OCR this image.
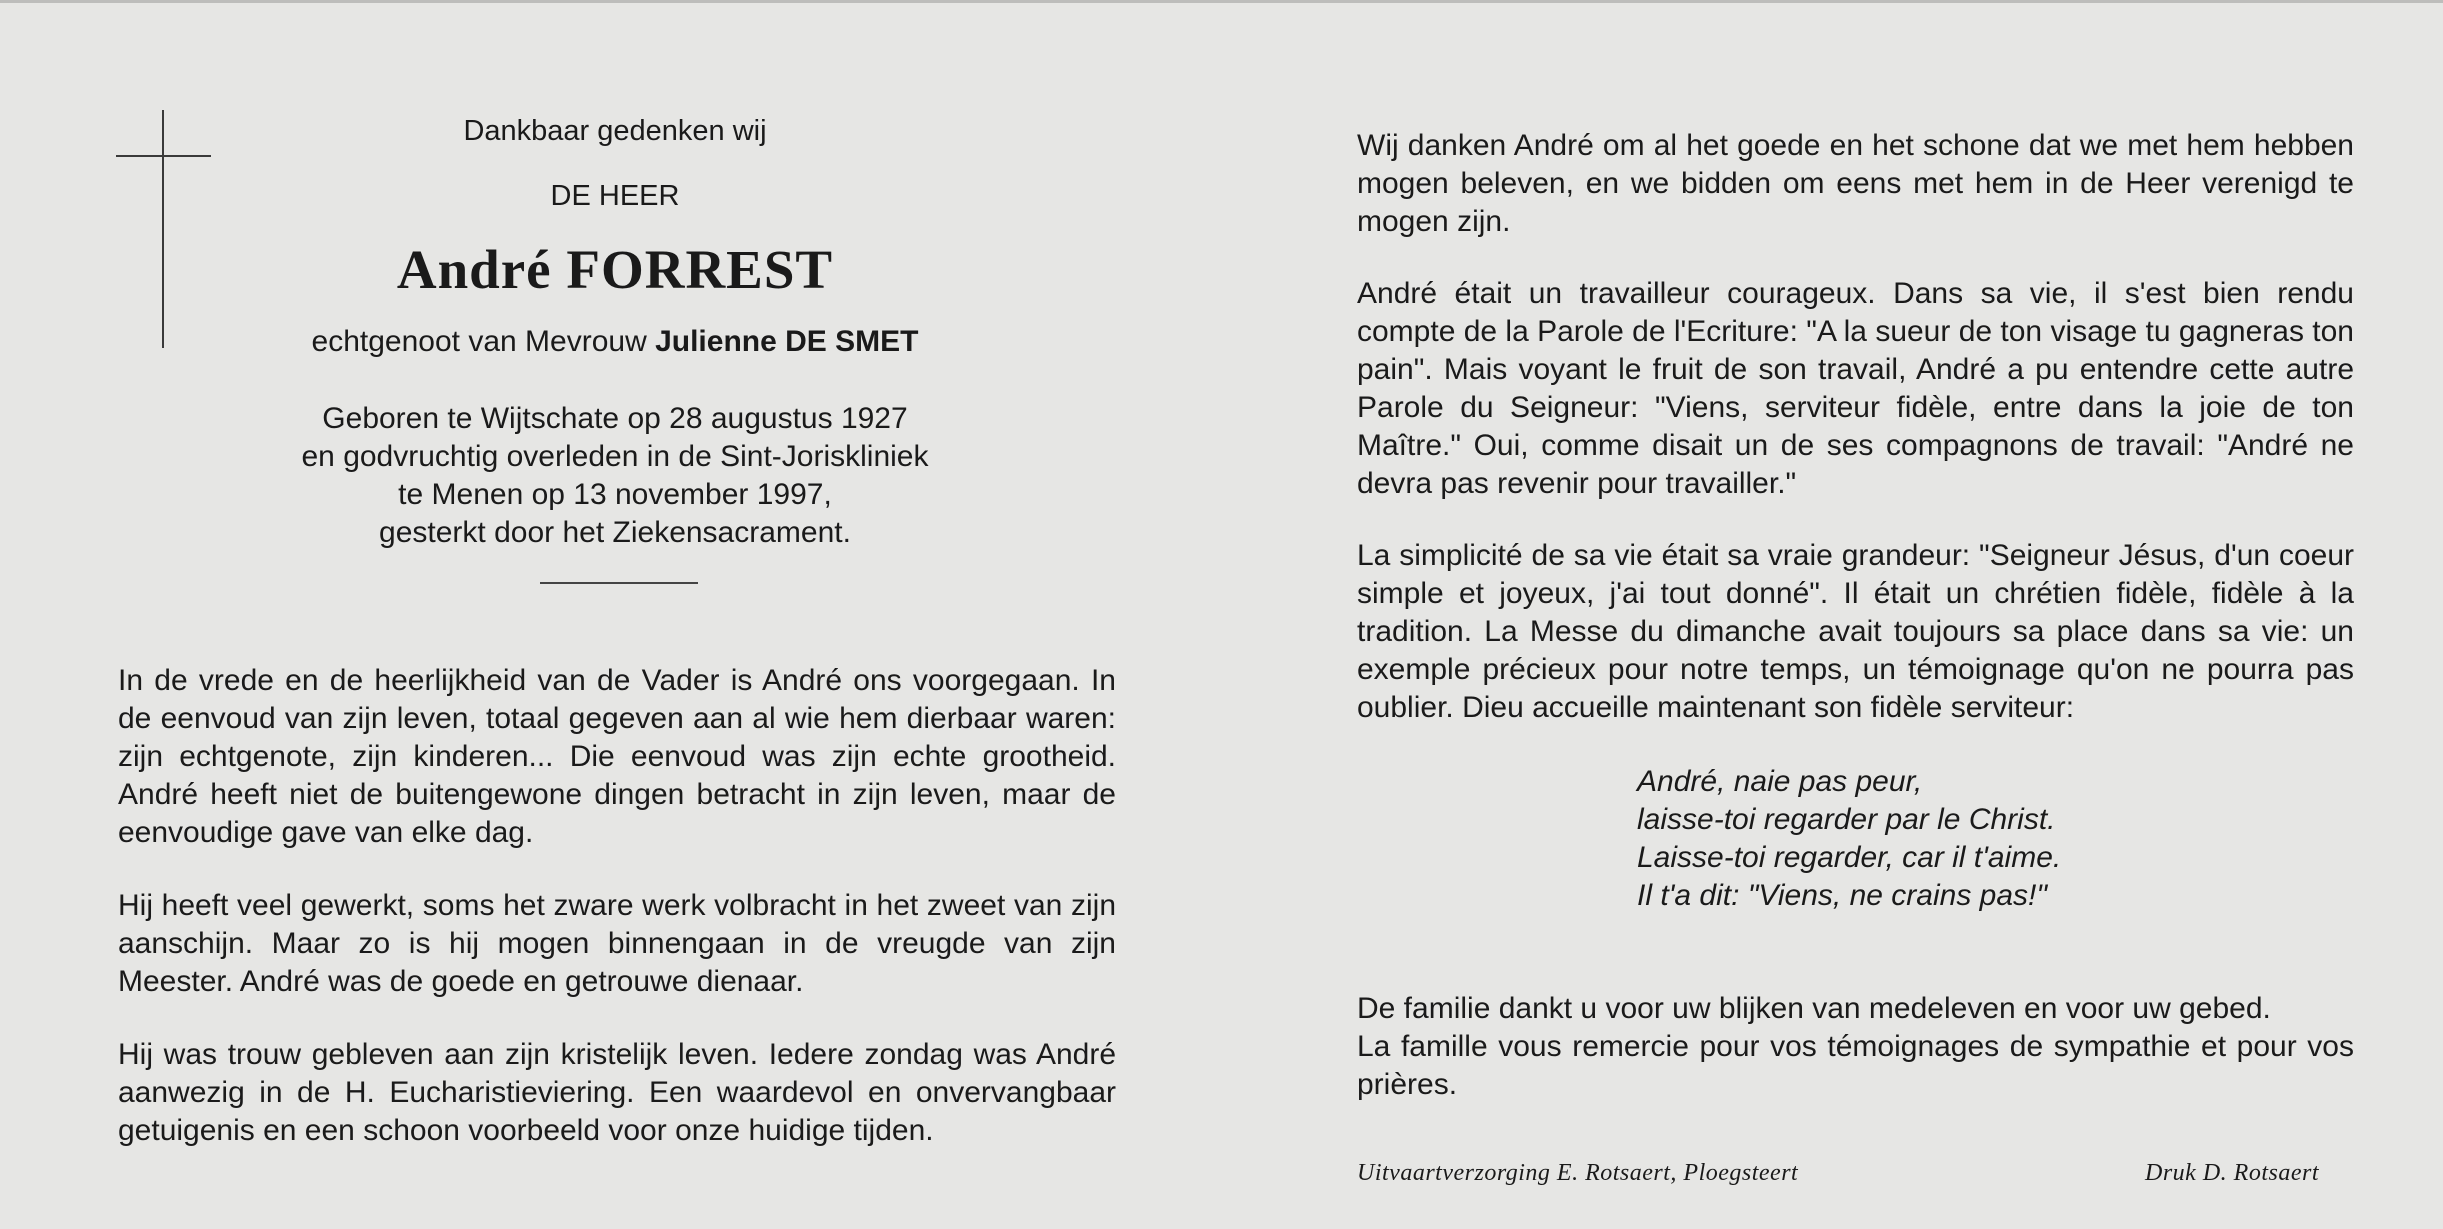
Dankbaar gedenken wij
DE HEER
André FORREST
echtgenoot van Mevrouw Julienne DE SMET
Geboren te Wijtschate op 28 augustus 1927
en godvruchtig overleden in de Sint-Joriskliniek
te Menen op 13 november 1997,
gesterkt door het Ziekensacrament.
In de vrede en de heerlijkheid van de Vader is André ons voorgegaan. In de eenvoud van zijn leven, totaal gegeven aan al wie hem dierbaar waren: zijn echtgenote, zijn kinderen... Die eenvoud was zijn echte grootheid. André heeft niet de buitengewone dingen betracht in zijn leven, maar de eenvoudige gave van elke dag.
Hij heeft veel gewerkt, soms het zware werk volbracht in het zweet van zijn aanschijn. Maar zo is hij mogen binnengaan in de vreugde van zijn Meester. André was de goede en getrouwe dienaar.
Hij was trouw gebleven aan zijn kristelijk leven. Iedere zondag was André aanwezig in de H. Eucharistieviering. Een waardevol en onvervangbaar getuigenis en een schoon voorbeeld voor onze huidige tijden.
Wij danken André om al het goede en het schone dat we met hem hebben mogen beleven, en we bidden om eens met hem in de Heer verenigd te mogen zijn.
André était un travailleur courageux. Dans sa vie, il s'est bien rendu compte de la Parole de l'Ecriture: "A la sueur de ton visage tu gagneras ton pain". Mais voyant le fruit de son travail, André a pu entendre cette autre Parole du Seigneur: "Viens, serviteur fidèle, entre dans la joie de ton Maître." Oui, comme disait un de ses compagnons de travail: "André ne devra pas revenir pour travailler."
La simplicité de sa vie était sa vraie grandeur: "Seigneur Jésus, d'un coeur simple et joyeux, j'ai tout donné". Il était un chrétien fidèle, fidèle à la tradition. La Messe du dimanche avait toujours sa place dans sa vie: un exemple précieux pour notre temps, un témoignage qu'on ne pourra pas oublier. Dieu accueille maintenant son fidèle serviteur:
André, naie pas peur,
laisse-toi regarder par le Christ.
Laisse-toi regarder, car il t'aime.
Il t'a dit: "Viens, ne crains pas!"
De familie dankt u voor uw blijken van medeleven en voor uw gebed.
La famille vous remercie pour vos témoignages de sympathie et pour vos prières.
Uitvaartverzorging E. Rotsaert, Ploegsteert	Druk D. Rotsaert
